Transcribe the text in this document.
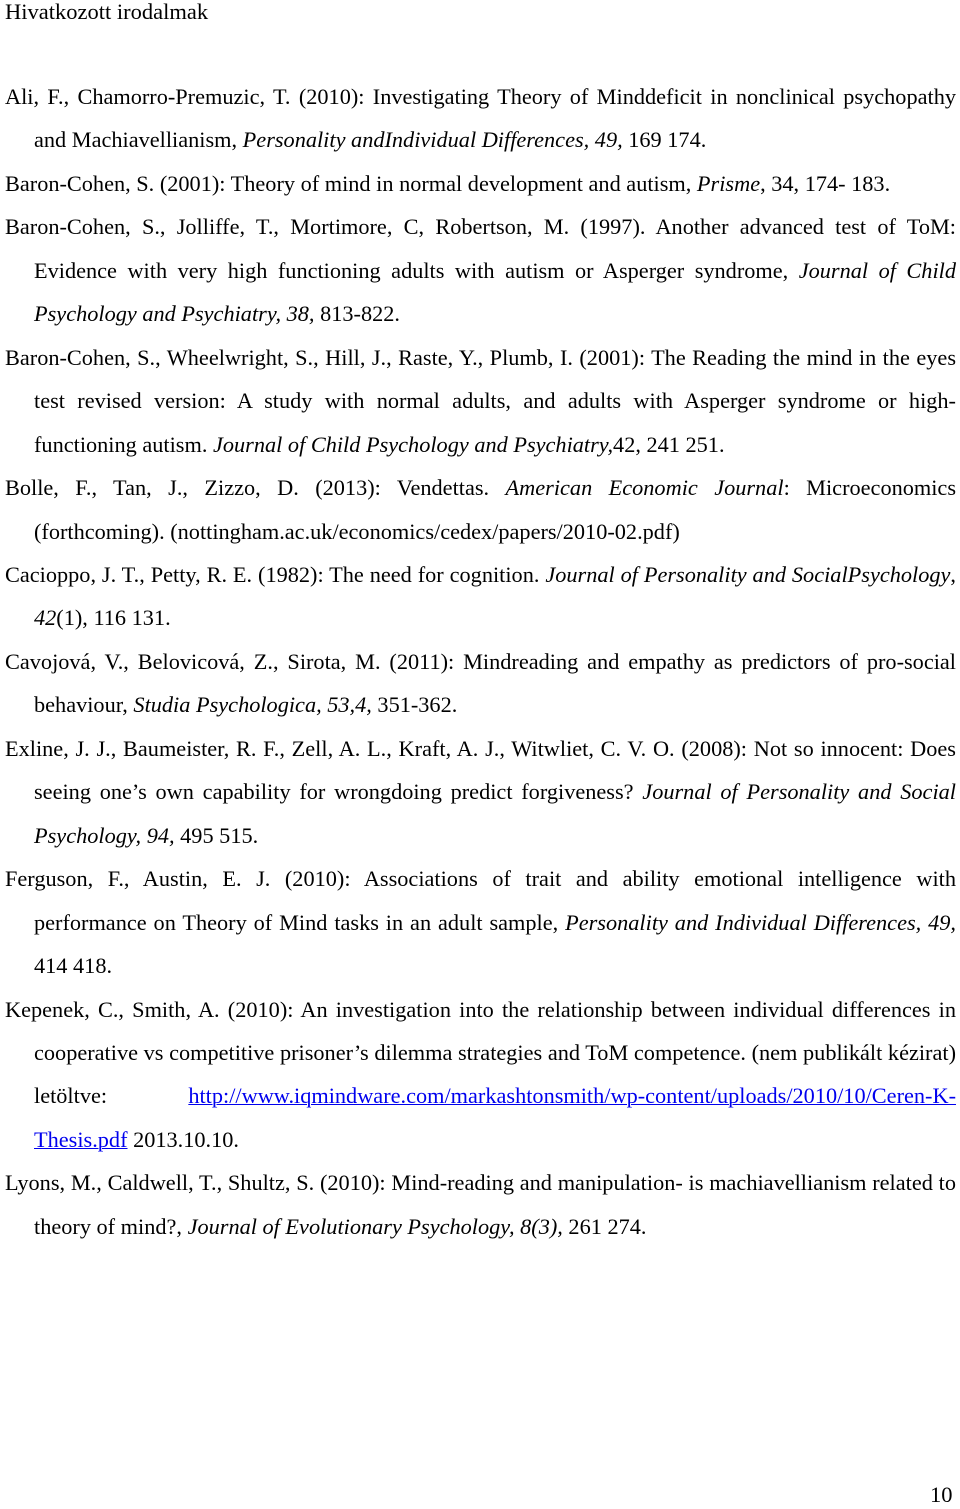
Hivatkozott irodalmak
Ali, F., Chamorro-Premuzic, T. (2010): Investigating Theory of Minddeficit in nonclinical psychopathy and Machiavellianism, Personality andIndividual Differences, 49, 169 174.
Baron-Cohen, S. (2001): Theory of mind in normal development and autism, Prisme, 34, 174- 183.
Baron-Cohen, S., Jolliffe, T., Mortimore, C, Robertson, M. (1997). Another advanced test of ToM: Evidence with very high functioning adults with autism or Asperger syndrome, Journal of Child Psychology and Psychiatry, 38, 813-822.
Baron-Cohen, S., Wheelwright, S., Hill, J., Raste, Y., Plumb, I. (2001): The Reading the mind in the eyes test revised version: A study with normal adults, and adults with Asperger syndrome or high-functioning autism. Journal of Child Psychology and Psychiatry,42, 241 251.
Bolle, F., Tan, J., Zizzo, D. (2013): Vendettas. American Economic Journal: Microeconomics (forthcoming). (nottingham.ac.uk/economics/cedex/papers/2010-02.pdf)
Cacioppo, J. T., Petty, R. E. (1982): The need for cognition. Journal of Personality and SocialPsychology, 42(1), 116 131.
Cavojová, V., Belovicová, Z., Sirota, M. (2011): Mindreading and empathy as predictors of pro-social behaviour, Studia Psychologica, 53,4, 351-362.
Exline, J. J., Baumeister, R. F., Zell, A. L., Kraft, A. J., Witwliet, C. V. O. (2008): Not so innocent: Does seeing one’s own capability for wrongdoing predict forgiveness? Journal of Personality and Social Psychology, 94, 495 515.
Ferguson, F., Austin, E. J. (2010): Associations of trait and ability emotional intelligence with performance on Theory of Mind tasks in an adult sample, Personality and Individual Differences, 49, 414 418.
Kepenek, C., Smith, A. (2010): An investigation into the relationship between individual differences in cooperative vs competitive prisoner’s dilemma strategies and ToM competence. (nem publikált kézirat) letöltve: http://www.iqmindware.com/markashtonsmith/wp-content/uploads/2010/10/Ceren-K-Thesis.pdf 2013.10.10.
Lyons, M., Caldwell, T., Shultz, S. (2010): Mind-reading and manipulation- is machiavellianism related to theory of mind?, Journal of Evolutionary Psychology, 8(3), 261 274.
10
